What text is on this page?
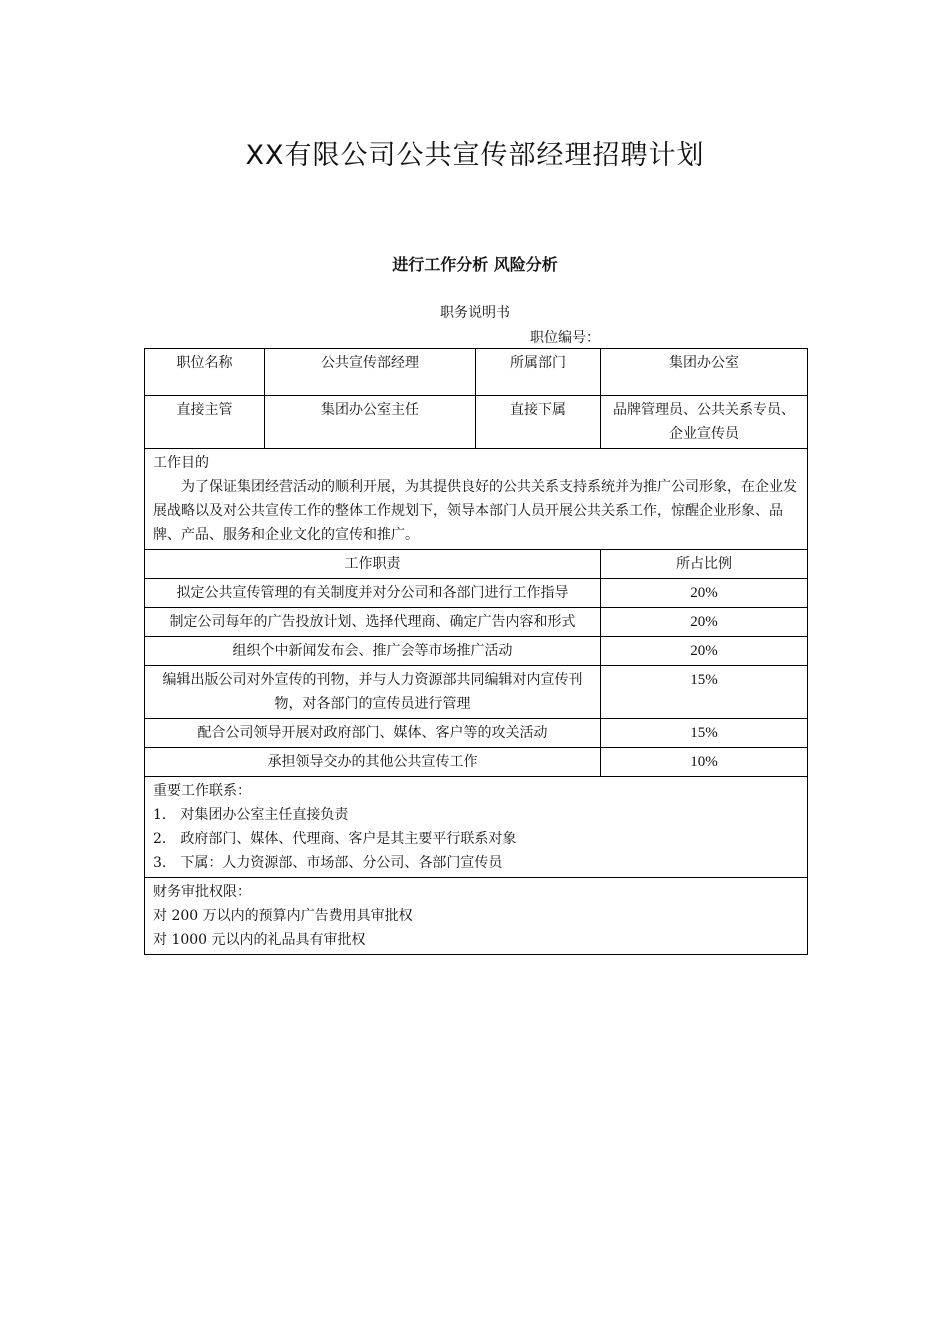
XX有限公司公共宣传部经理招聘计划
进行工作分析 风险分析
职务说明书
职位编号：
职位名称	公共宣传部经理	所属部门	集团办公室
直接主管	集团办公室主任	直接下属	品牌管理员、公共关系专员、企业宣传员

工作目的
为了保证集团经营活动的顺利开展，为其提供良好的公共关系支持系统并为推广公司形象，在企业发展战略以及对公共宣传工作的整体工作规划下，领导本部门人员开展公共关系工作，惊醒企业形象、品牌、产品、服务和企业文化的宣传和推广。			

工作职责			所占比例
拟定公共宣传管理的有关制度并对分公司和各部门进行工作指导			20%
制定公司每年的广告投放计划、选择代理商、确定广告内容和形式			20%
组织个中新闻发布会、推广会等市场推广活动			20%
编辑出版公司对外宣传的刊物，并与人力资源部共同编辑对内宣传刊物，对各部门的宣传员进行管理			15%
配合公司领导开展对政府部门、媒体、客户等的攻关活动			15%
承担领导交办的其他公共宣传工作			10%

重要工作联系：
1． 对集团办公室主任直接负责
2． 政府部门、媒体、代理商、客户是其主要平行联系对象
3． 下属：人力资源部、市场部、分公司、各部门宣传员			

财务审批权限：
对 200 万以内的预算内广告费用具审批权
对 1000 元以内的礼品具有审批权			
